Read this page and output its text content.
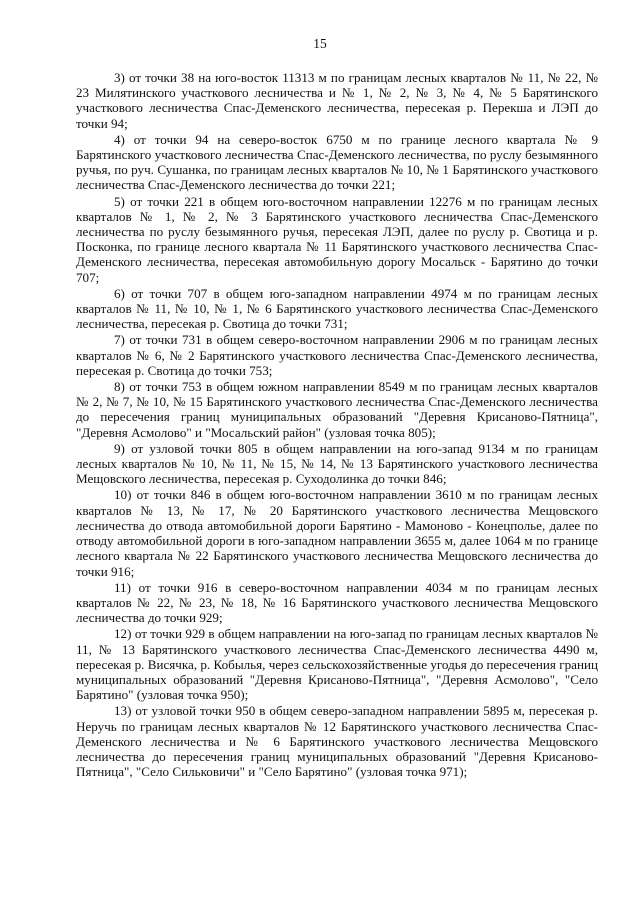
15

3) от точки 38 на юго-восток 11313 м по границам лесных кварталов № 11, № 22, № 23 Милятинского участкового лесничества и № 1, № 2, № 3, № 4, № 5 Барятинского участкового лесничества Спас-Деменского лесничества, пересекая р. Перекша и ЛЭП до точки 94;

4) от точки 94 на северо-восток 6750 м по границе лесного квартала № 9 Барятинского участкового лесничества Спас-Деменского лесничества, по руслу безымянного ручья, по руч. Сушанка, по границам лесных кварталов № 10, № 1 Барятинского участкового лесничества Спас-Деменского лесничества до точки 221;

5) от точки 221 в общем юго-восточном направлении 12276 м по границам лесных кварталов № 1, № 2, № 3 Барятинского участкового лесничества Спас-Деменского лесничества по руслу безымянного ручья, пересекая ЛЭП, далее по руслу р. Свотица и р. Посконка, по границе лесного квартала № 11 Барятинского участкового лесничества Спас-Деменского лесничества, пересекая автомобильную дорогу Мосальск - Барятино до точки 707;

6) от точки 707 в общем юго-западном направлении 4974 м по границам лесных кварталов № 11, № 10, № 1, № 6 Барятинского участкового лесничества Спас-Деменского лесничества, пересекая р. Свотица до точки 731;

7) от точки 731 в общем северо-восточном направлении 2906 м по границам лесных кварталов № 6, № 2 Барятинского участкового лесничества Спас-Деменского лесничества, пересекая р. Свотица до точки 753;

8) от точки 753 в общем южном направлении 8549 м по границам лесных кварталов № 2, № 7, № 10, № 15 Барятинского участкового лесничества Спас-Деменского лесничества до пересечения границ муниципальных образований "Деревня Крисаново-Пятница", "Деревня Асмолово" и "Мосальский район" (узловая точка 805);

9) от узловой точки 805 в общем направлении на юго-запад 9134 м по границам лесных кварталов № 10, № 11, № 15, № 14, № 13 Барятинского участкового лесничества Мещовского лесничества, пересекая р. Суходолинка до точки 846;

10) от точки 846 в общем юго-восточном направлении 3610 м по границам лесных кварталов № 13, № 17, № 20 Барятинского участкового лесничества Мещовского лесничества до отвода автомобильной дороги Барятино - Мамоново - Конецполье, далее по отводу автомобильной дороги в юго-западном направлении 3655 м, далее 1064 м по границе лесного квартала № 22 Барятинского участкового лесничества Мещовского лесничества до точки 916;

11) от точки 916 в северо-восточном направлении 4034 м по границам лесных кварталов № 22, № 23, № 18, № 16 Барятинского участкового лесничества Мещовского лесничества до точки 929;

12) от точки 929 в общем направлении на юго-запад по границам лесных кварталов № 11, № 13 Барятинского участкового лесничества Спас-Деменского лесничества 4490 м, пересекая р. Висячка, р. Кобылья, через сельскохозяйственные угодья до пересечения границ муниципальных образований "Деревня Крисаново-Пятница", "Деревня Асмолово", "Село Барятино" (узловая точка 950);

13) от узловой точки 950 в общем северо-западном направлении 5895 м, пересекая р. Неручь по границам лесных кварталов № 12 Барятинского участкового лесничества Спас-Деменского лесничества и № 6 Барятинского участкового лесничества Мещовского лесничества до пересечения границ муниципальных образований "Деревня Крисаново-Пятница", "Село Сильковичи" и "Село Барятино" (узловая точка 971);
